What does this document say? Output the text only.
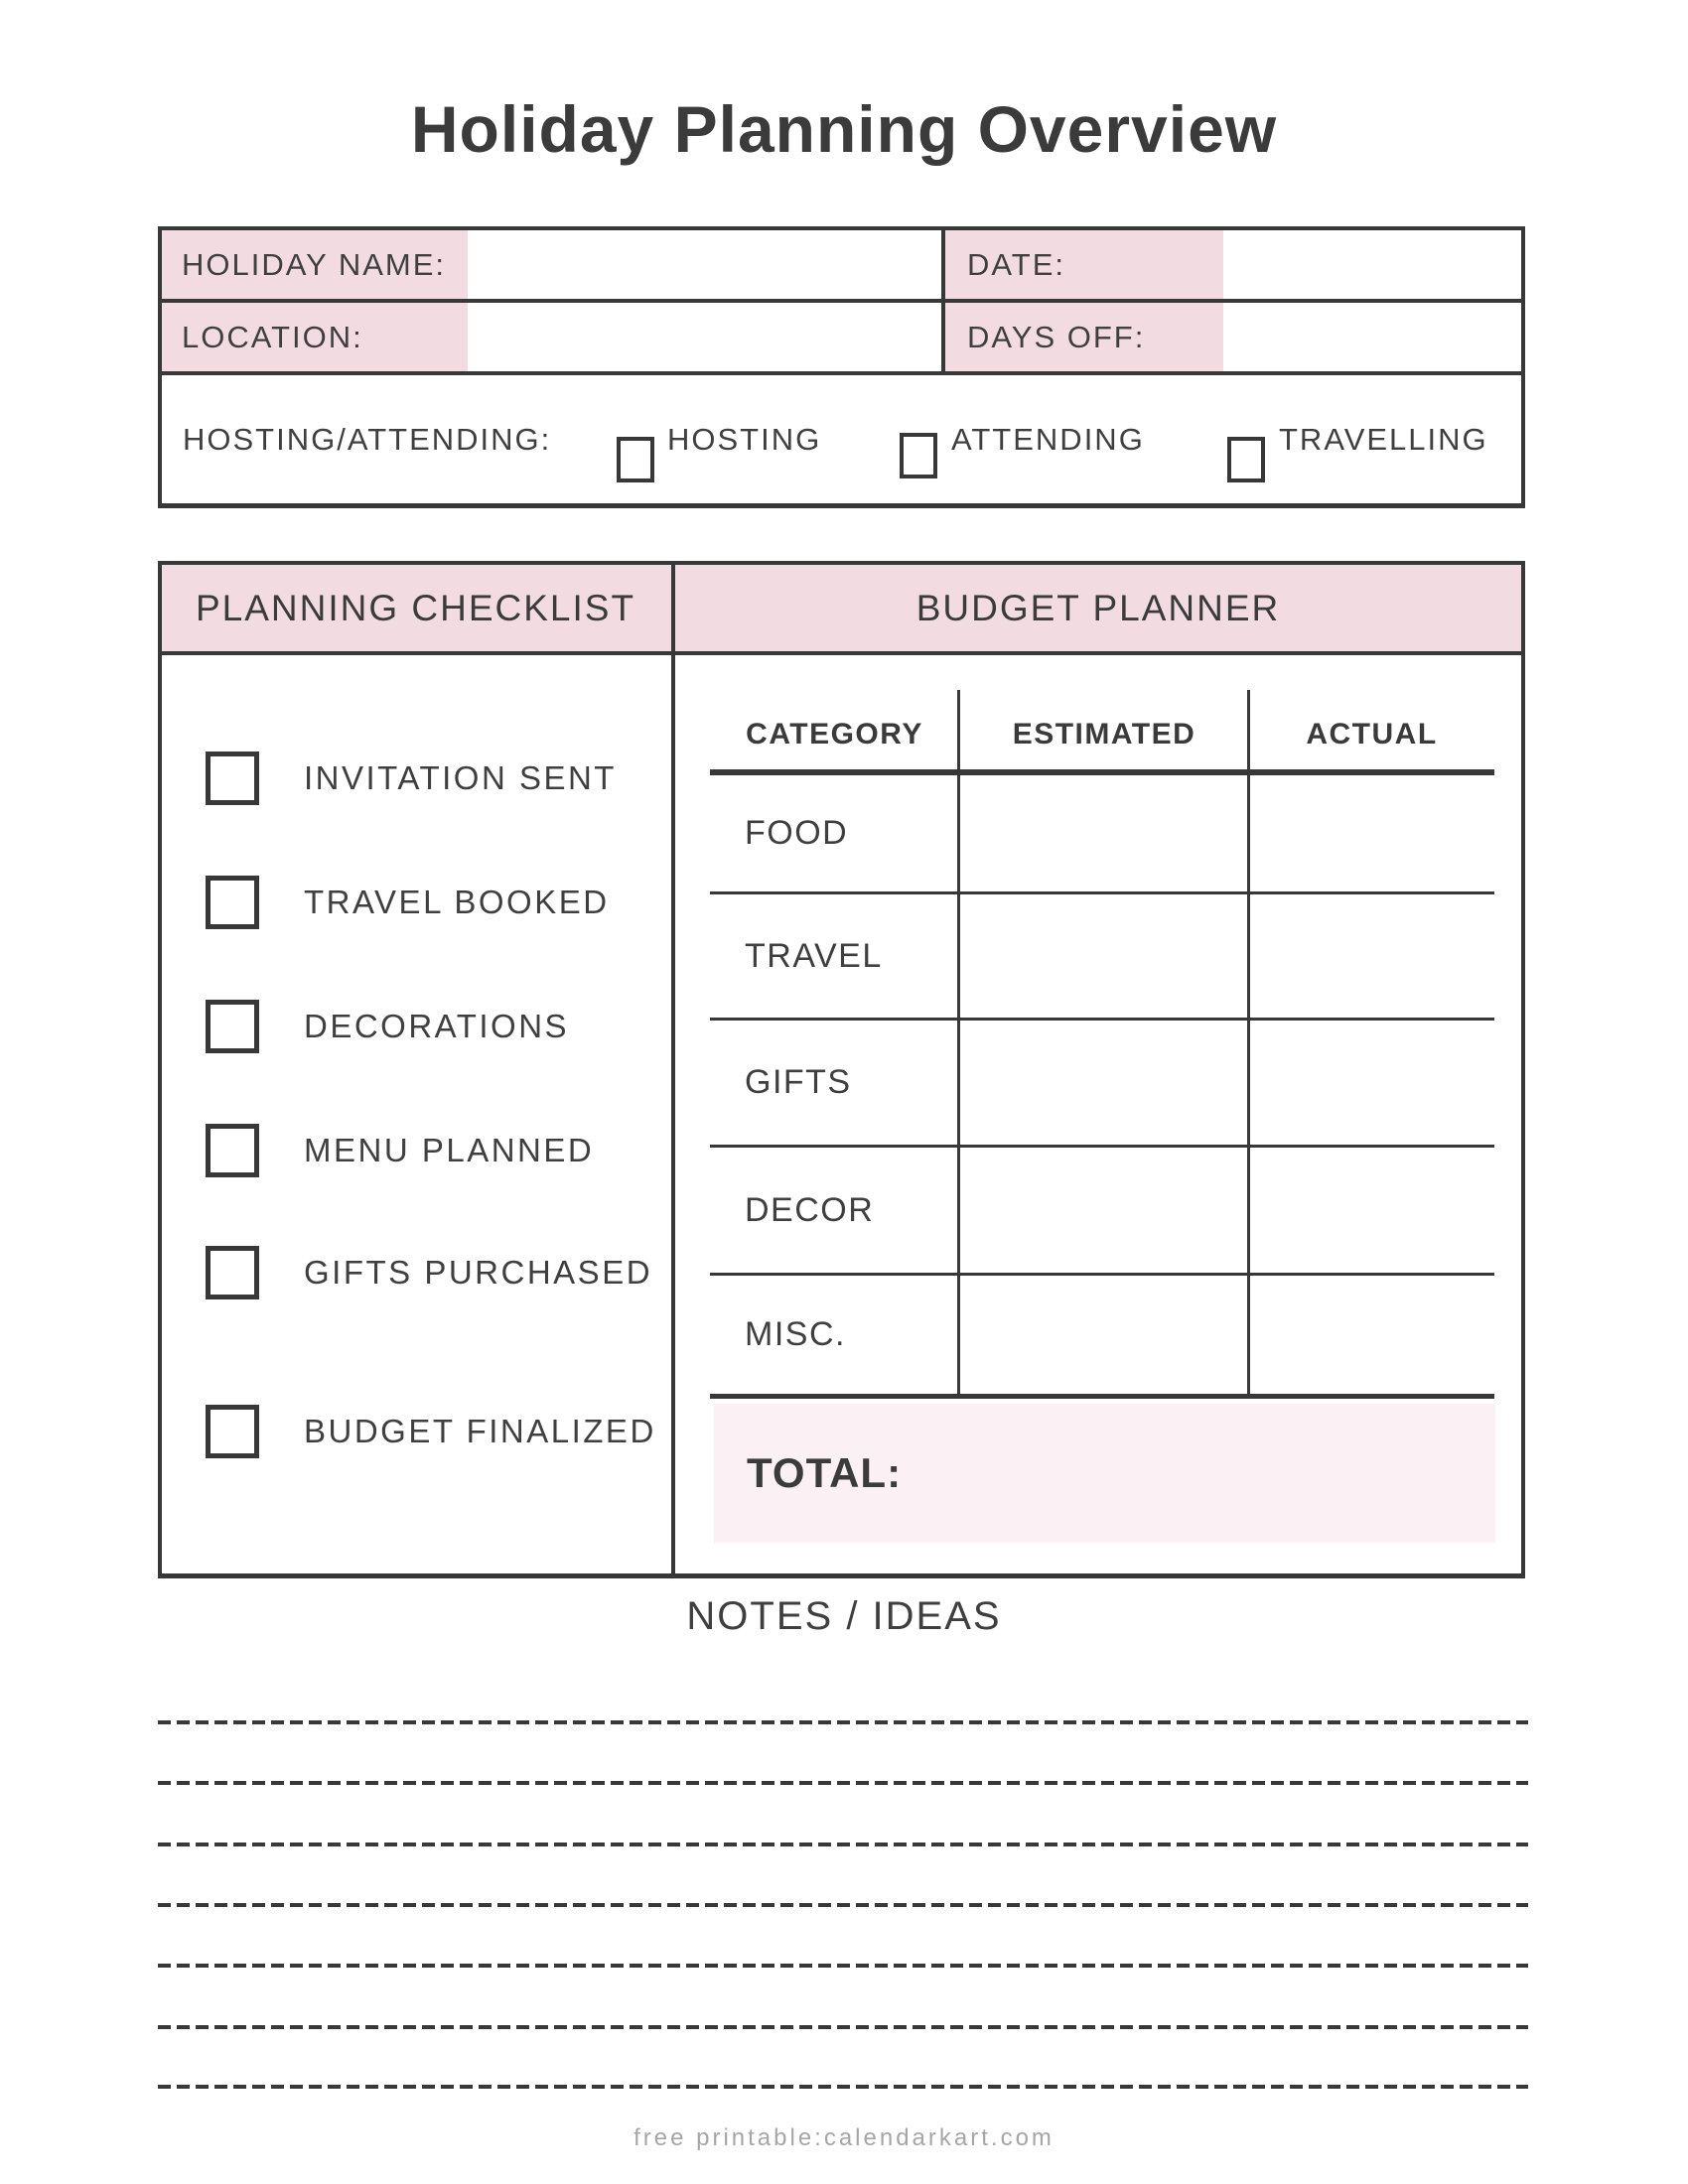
Holiday Planning Overview
HOLIDAY NAME:	DATE:
LOCATION:	DAYS OFF:
HOSTING/ATTENDING:	HOSTING	ATTENDING	TRAVELLING
PLANNING CHECKLIST	BUDGET PLANNER
INVITATION SENT
TRAVEL BOOKED
DECORATIONS
MENU PLANNED
GIFTS PURCHASED
BUDGET FINALIZED
CATEGORY	ESTIMATED	ACTUAL
FOOD
TRAVEL
GIFTS
DECOR
MISC.
TOTAL:
NOTES / IDEAS
free printable:calendarkart.com
